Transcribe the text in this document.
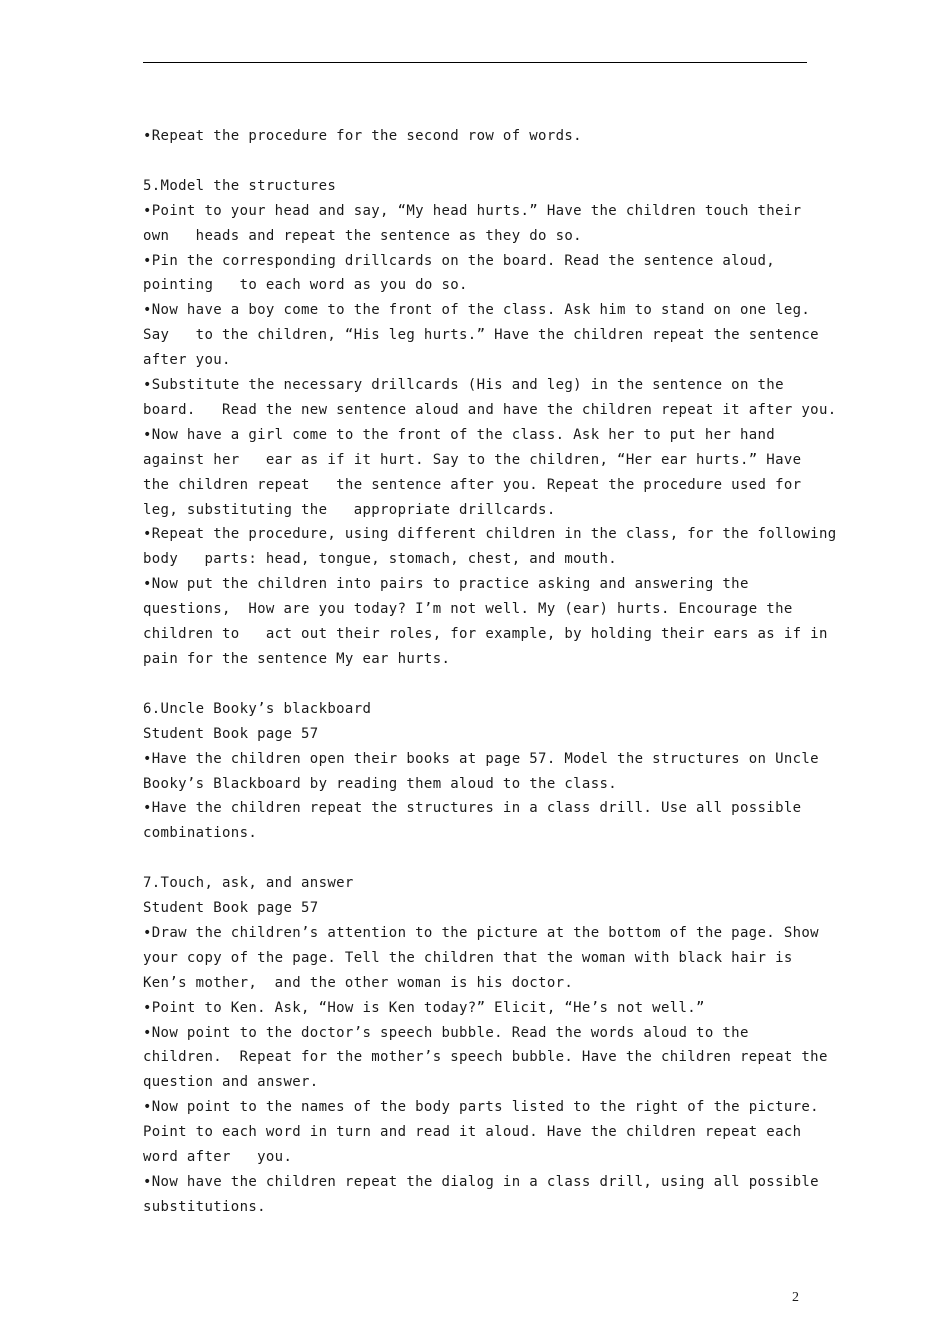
•Repeat the procedure for the second row of words.
5.Model the structures
•Point to your head and say, “My head hurts.” Have the children touch their
own   heads and repeat the sentence as they do so.
•Pin the corresponding drillcards on the board. Read the sentence aloud,
pointing   to each word as you do so.
•Now have a boy come to the front of the class. Ask him to stand on one leg.
Say   to the children, “His leg hurts.” Have the children repeat the sentence
after you.
•Substitute the necessary drillcards (His and leg) in the sentence on the
board.   Read the new sentence aloud and have the children repeat it after you.
•Now have a girl come to the front of the class. Ask her to put her hand
against her   ear as if it hurt. Say to the children, “Her ear hurts.” Have
the children repeat   the sentence after you. Repeat the procedure used for
leg, substituting the   appropriate drillcards.
•Repeat the procedure, using different children in the class, for the following
body   parts: head, tongue, stomach, chest, and mouth.
•Now put the children into pairs to practice asking and answering the
questions,  How are you today? I’m not well. My (ear) hurts. Encourage the
children to   act out their roles, for example, by holding their ears as if in
pain for the sentence My ear hurts.
6.Uncle Booky’s blackboard
Student Book page 57
•Have the children open their books at page 57. Model the structures on Uncle
Booky’s Blackboard by reading them aloud to the class.
•Have the children repeat the structures in a class drill. Use all possible
combinations.
7.Touch, ask, and answer
Student Book page 57
•Draw the children’s attention to the picture at the bottom of the page. Show
your copy of the page. Tell the children that the woman with black hair is
Ken’s mother,  and the other woman is his doctor.
•Point to Ken. Ask, “How is Ken today?” Elicit, “He’s not well.”
•Now point to the doctor’s speech bubble. Read the words aloud to the
children.  Repeat for the mother’s speech bubble. Have the children repeat the
question and answer.
•Now point to the names of the body parts listed to the right of the picture.
Point to each word in turn and read it aloud. Have the children repeat each
word after   you.
•Now have the children repeat the dialog in a class drill, using all possible
substitutions.
2
